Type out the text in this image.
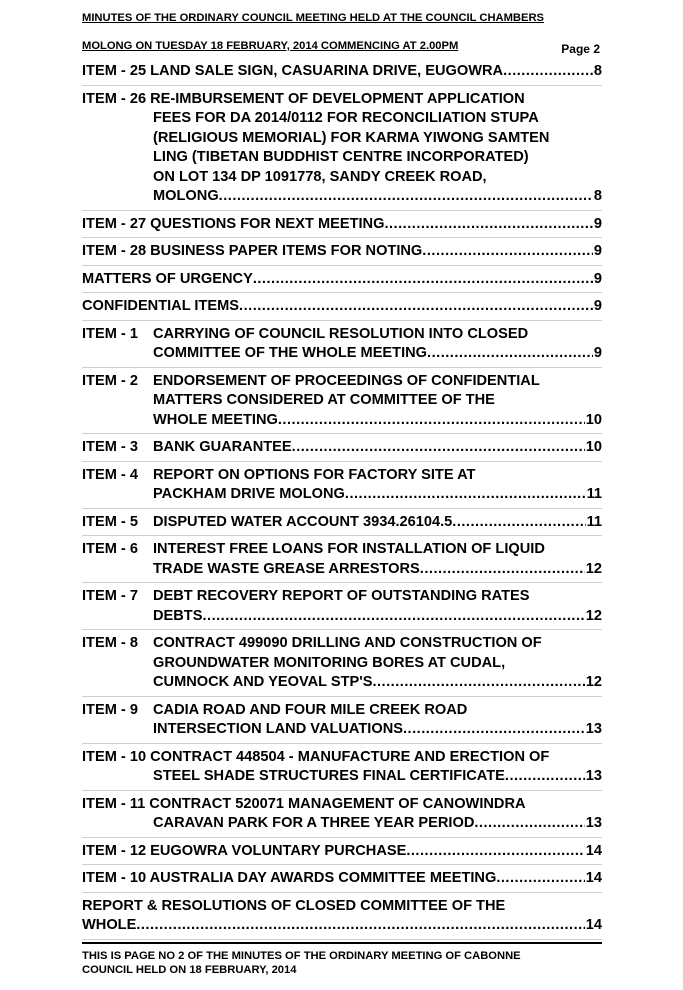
MINUTES OF THE ORDINARY COUNCIL MEETING HELD AT THE COUNCIL CHAMBERS

MOLONG ON TUESDAY 18 FEBRUARY, 2014 COMMENCING AT 2.00PM	Page 2
ITEM - 25 LAND SALE SIGN, CASUARINA DRIVE, EUGOWRA .....	8
ITEM - 26 RE-IMBURSEMENT OF DEVELOPMENT APPLICATION
FEES FOR DA 2014/0112 FOR RECONCILIATION STUPA
(RELIGIOUS MEMORIAL) FOR KARMA YIWONG SAMTEN
LING (TIBETAN BUDDHIST CENTRE INCORPORATED)
ON LOT 134 DP 1091778, SANDY CREEK ROAD,
MOLONG .....	8
ITEM - 27 QUESTIONS FOR NEXT MEETING .....	9
ITEM - 28 BUSINESS PAPER ITEMS FOR NOTING .....	9
MATTERS OF URGENCY .....	9
CONFIDENTIAL ITEMS .....	9
ITEM - 1	CARRYING OF COUNCIL RESOLUTION INTO CLOSED
COMMITTEE OF THE WHOLE MEETING .....	9
ITEM - 2	ENDORSEMENT OF PROCEEDINGS OF CONFIDENTIAL
MATTERS CONSIDERED AT COMMITTEE OF THE
WHOLE MEETING .....	10
ITEM - 3	BANK GUARANTEE .....	10
ITEM - 4	REPORT ON OPTIONS FOR FACTORY SITE AT
PACKHAM DRIVE MOLONG .....	11
ITEM - 5	DISPUTED WATER ACCOUNT 3934.26104.5 .....	11
ITEM - 6	INTEREST FREE LOANS FOR INSTALLATION OF LIQUID
TRADE WASTE GREASE ARRESTORS .....	12
ITEM - 7	DEBT RECOVERY REPORT OF OUTSTANDING RATES
DEBTS .....	12
ITEM - 8	CONTRACT 499090 DRILLING AND CONSTRUCTION OF
GROUNDWATER MONITORING BORES AT CUDAL,
CUMNOCK AND YEOVAL STP'S .....	12
ITEM - 9	CADIA ROAD AND FOUR MILE CREEK ROAD
INTERSECTION LAND VALUATIONS .....	13
ITEM - 10 CONTRACT 448504 - MANUFACTURE AND ERECTION OF
STEEL SHADE STRUCTURES FINAL CERTIFICATE .....	13
ITEM - 11 CONTRACT 520071 MANAGEMENT OF CANOWINDRA
CARAVAN PARK FOR A THREE YEAR PERIOD .....	13
ITEM - 12 EUGOWRA VOLUNTARY PURCHASE .....	14
ITEM - 10 AUSTRALIA DAY AWARDS COMMITTEE MEETING .....	14
REPORT & RESOLUTIONS OF CLOSED COMMITTEE OF THE
WHOLE .....	14
THIS IS PAGE NO 2 OF THE MINUTES OF THE ORDINARY MEETING OF CABONNE
COUNCIL HELD ON 18 FEBRUARY, 2014
